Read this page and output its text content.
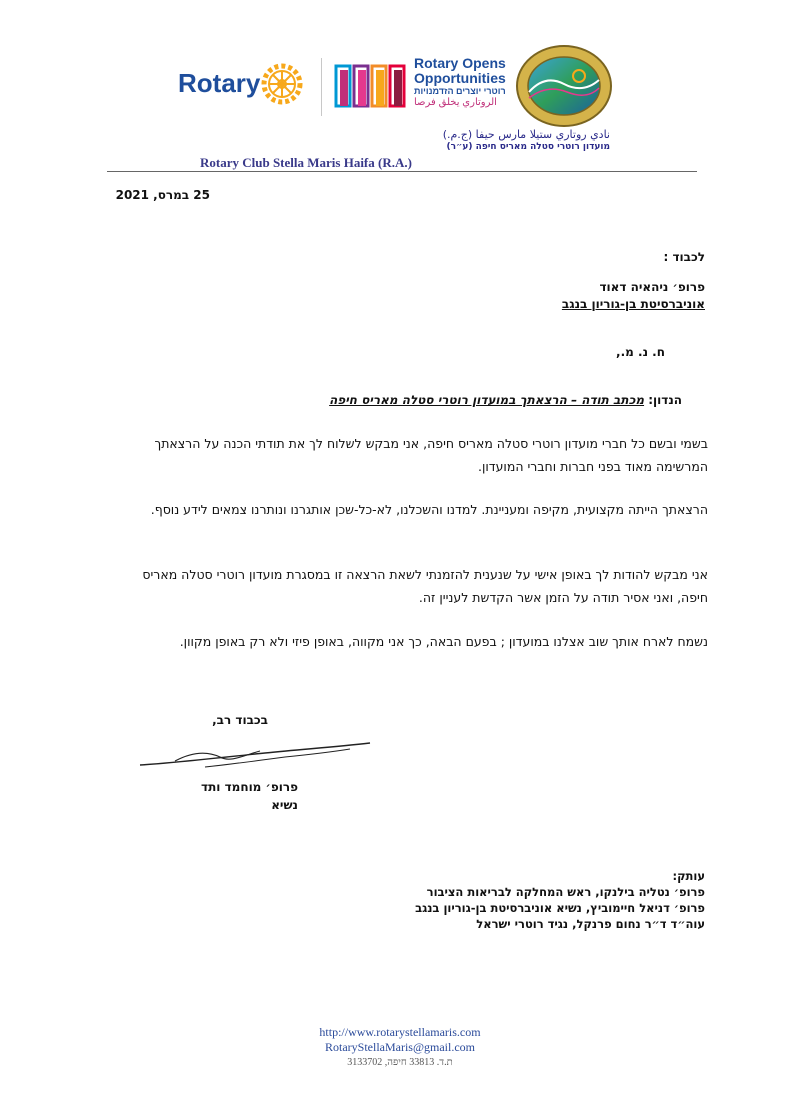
Rotary
Rotary Opens
Opportunities
רוטרי יוצרים הזדמנויות
الروتاري يخلق فرصا
نادي روتاري ستيلا مارس حيفا (ج.م.)
מועדון רוטרי סטלה מאריס חיפה (ע״ר)
Rotary Club Stella Maris Haifa (R.A.)
25 במרס, 2021
לכבוד :
פרופ׳ ניהאיה דאוד
אוניברסיטת בן-גוריון בנגב
ח. נ. מ.,
הנדון: מכתב תודה – הרצאתך במועדון רוטרי סטלה מאריס חיפה
בשמי ובשם כל חברי מועדון רוטרי סטלה מאריס חיפה, אני מבקש לשלוח לך את תודתי הכנה על הרצאתך המרשימה מאוד בפני חברות וחברי המועדון.
הרצאתך הייתה מקצועית, מקיפה ומעניינת. למדנו והשכלנו, לא-כל-שכן אותגרנו ונותרנו צמאים לידע נוסף.
אני מבקש להודות לך באופן אישי על שנענית להזמנתי לשאת הרצאה זו במסגרת מועדון רוטרי סטלה מאריס חיפה, ואני אסיר תודה על הזמן אשר הקדשת לעניין זה.
נשמח לארח אותך שוב אצלנו במועדון ; בפעם הבאה, כך אני מקווה, באופן פיזי ולא רק באופן מקוון.
בכבוד רב,
פרופ׳ מוחמד ותד
נשיא
עותק:
פרופ׳ נטליה בילנקו, ראש המחלקה לבריאות הציבור
פרופ׳ דניאל חיימוביץ, נשיא אוניברסיטת בן-גוריון בנגב
עוה״ד ד״ר נחום פרנקל, נגיד רוטרי ישראל
http://www.rotarystellamaris.com
RotaryStellaMaris@gmail.com
ת.ד. 33813 חיפה, 3133702
